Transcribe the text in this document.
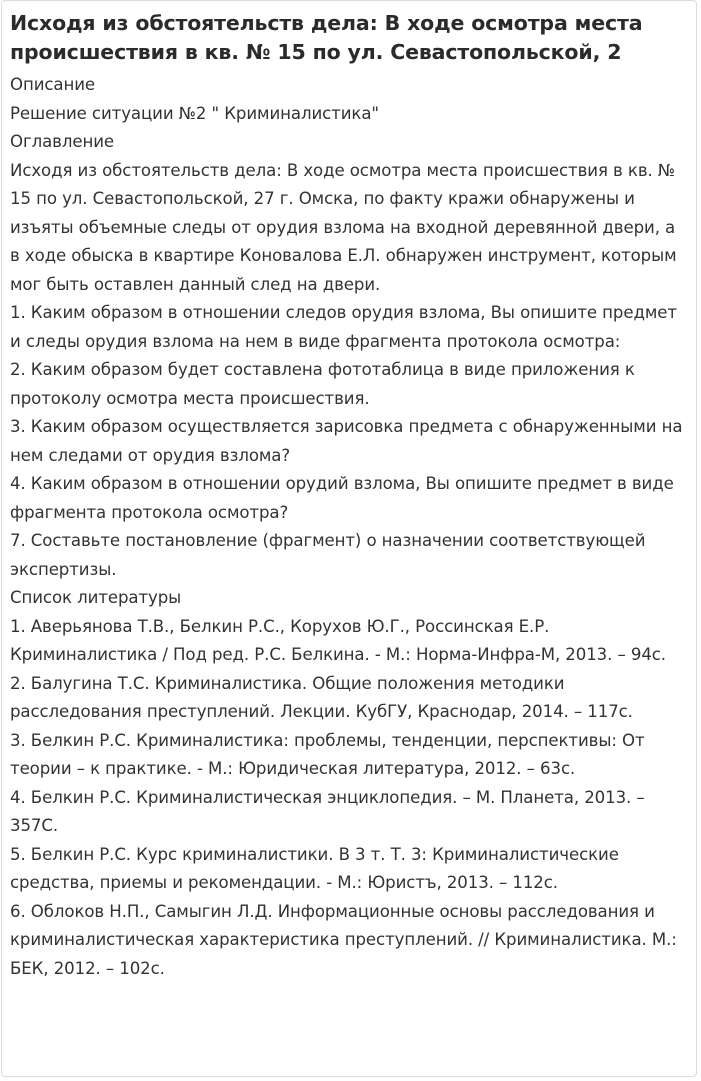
Исходя из обстоятельств дела: В ходе осмотра места происшествия в кв. № 15 по ул. Севастопольской, 2

Описание

Решение ситуации №2 " Криминалистика"

Оглавление

Исходя из обстоятельств дела: В ходе осмотра места происшествия в кв. № 15 по ул. Севастопольской, 27 г. Омска, по факту кражи обнаружены и изъяты объемные следы от орудия взлома на входной деревянной двери, а в ходе обыска в квартире Коновалова Е.Л. обнаружен инструмент, которым мог быть оставлен данный след на двери.

1. Каким образом в отношении следов орудия взлома, Вы опишите предмет и следы орудия взлома на нем в виде фрагмента протокола осмотра:

2. Каким образом будет составлена фототаблица в виде приложения к протоколу осмотра места происшествия.

3. Каким образом осуществляется зарисовка предмета с обнаруженными на нем следами от орудия взлома?

4. Каким образом в отношении орудий взлома, Вы опишите предмет в виде фрагмента протокола осмотра?

7. Составьте постановление (фрагмент) о назначении соответствующей экспертизы.

Список литературы

1. Аверьянова Т.В., Белкин Р.С., Корухов Ю.Г., Россинская Е.Р. Криминалистика / Под ред. Р.С. Белкина. - М.: Норма-Инфра-М, 2013. – 94с.

2. Балугина Т.С. Криминалистика. Общие положения методики расследования преступлений. Лекции. КубГУ, Краснодар, 2014. – 117с.

3. Белкин Р.С. Криминалистика: проблемы, тенденции, перспективы: От теории – к практике. - М.: Юридическая литература, 2012. – 63с.

4. Белкин Р.С. Криминалистическая энциклопедия. – М. Планета, 2013. – 357С.

5. Белкин Р.С. Курс криминалистики. В 3 т. Т. 3: Криминалистические средства, приемы и рекомендации. - М.: Юристъ, 2013. – 112с.

6. Облоков Н.П., Самыгин Л.Д. Информационные основы расследования и криминалистическая характеристика преступлений. // Криминалистика. М.: БЕК, 2012. – 102с.
